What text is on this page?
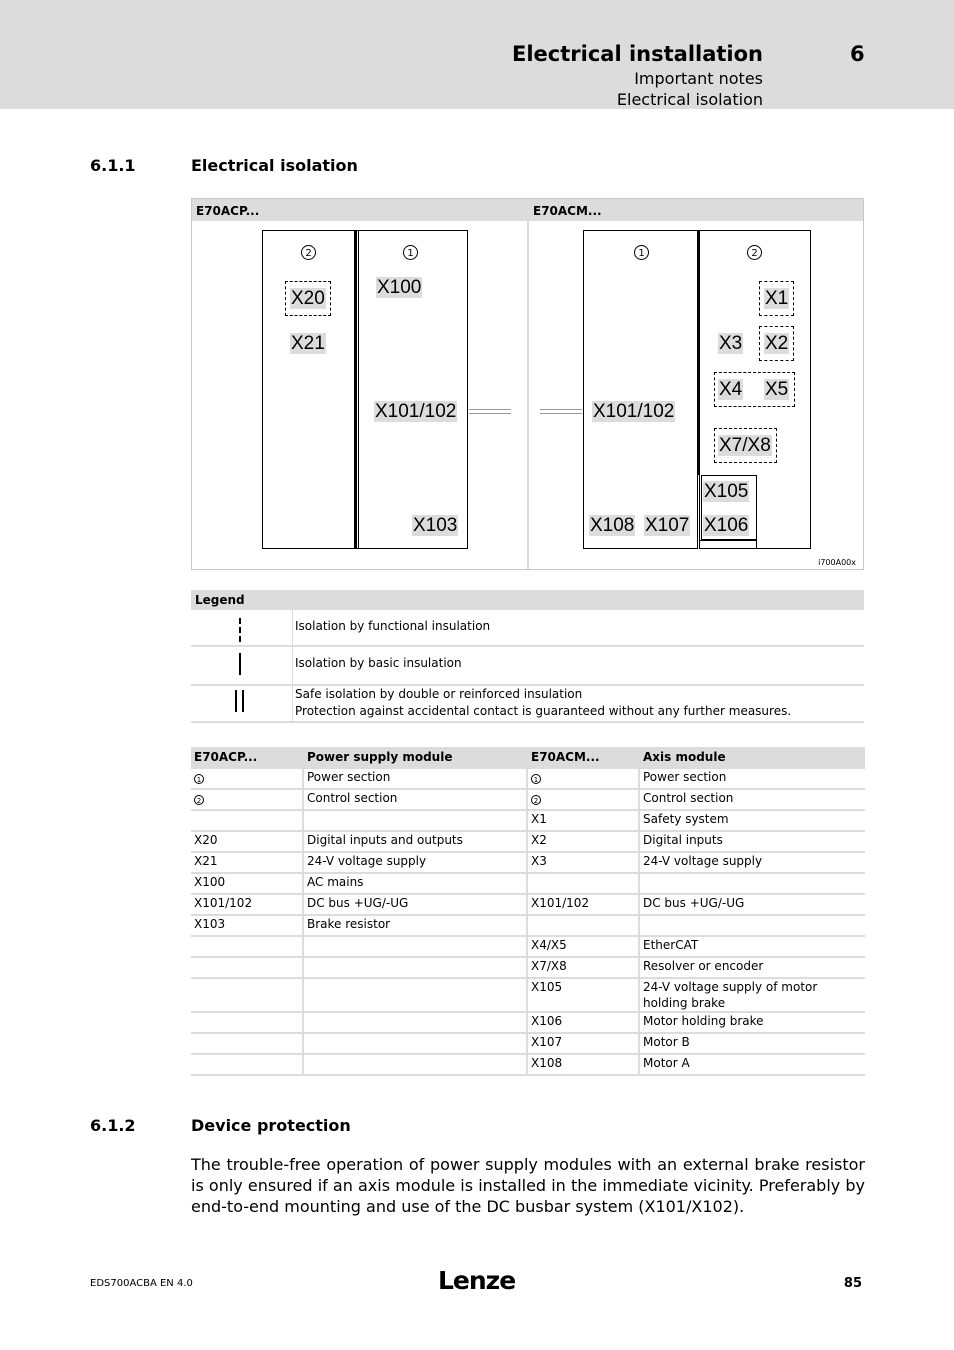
Electrical installation	6
Important notes
Electrical isolation
6.1.1	Electrical isolation
E70ACP...	E70ACM...
2	1
X20
X21
X100
X101/102
X103
1	2
X1
X2
X3
X4 X5
X7/X8
X101/102
X105
X106
X107
X108
i700A00x
Legend
Isolation by functional insulation
Isolation by basic insulation
Safe isolation by double or reinforced insulation
Protection against accidental contact is guaranteed without any further measures.
E70ACP...	Power supply module	E70ACM...	Axis module
1	Power section	1	Power section
2	Control section	2	Control section
		X1	Safety system
X20	Digital inputs and outputs	X2	Digital inputs
X21	24-V voltage supply	X3	24-V voltage supply
X100	AC mains		
X101/102	DC bus +UG/-UG	X101/102	DC bus +UG/-UG
X103	Brake resistor		
		X4/X5	EtherCAT
		X7/X8	Resolver or encoder
		X105	24-V voltage supply of motor holding brake
		X106	Motor holding brake
		X107	Motor B
		X108	Motor A
6.1.2	Device protection
The trouble-free operation of power supply modules with an external brake resistor is only ensured if an axis module is installed in the immediate vicinity. Preferably by end-to-end mounting and use of the DC busbar system (X101/X102).
EDS700ACBA EN 4.0	Lenze	85
